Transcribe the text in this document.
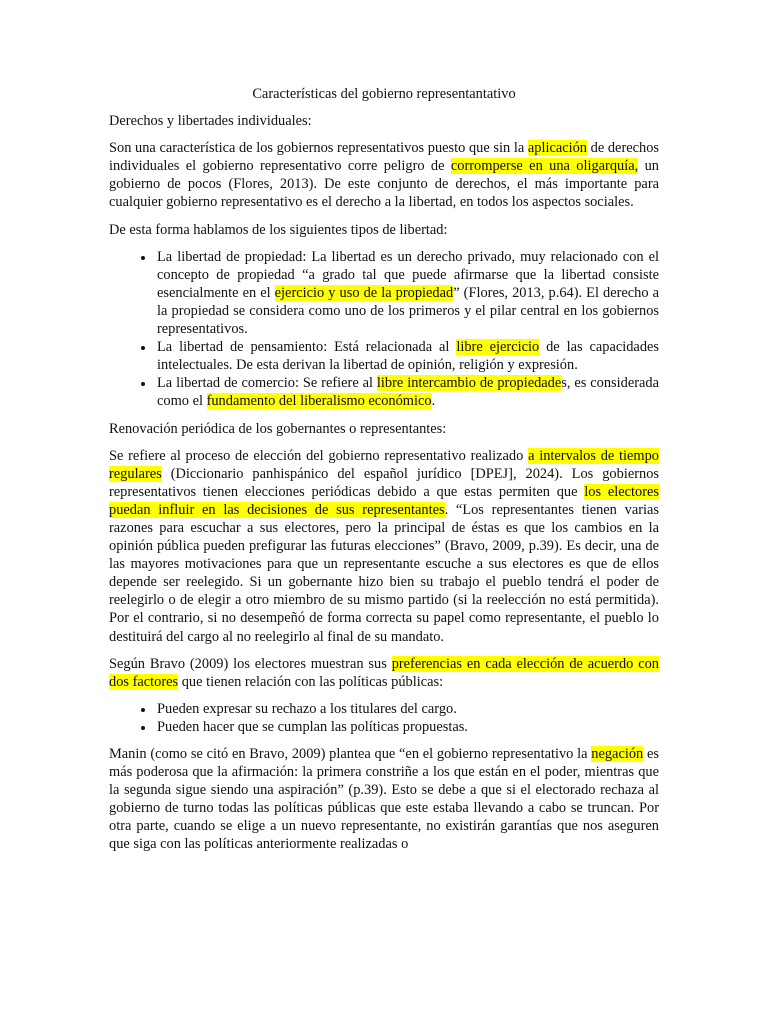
Características del gobierno representantativo

Derechos y libertades individuales:

Son una característica de los gobiernos representativos puesto que sin la aplicación de derechos individuales el gobierno representativo corre peligro de corromperse en una oligarquía, un gobierno de pocos (Flores, 2013). De este conjunto de derechos, el más importante para cualquier gobierno representativo es el derecho a la libertad, en todos los aspectos sociales.

De esta forma hablamos de los siguientes tipos de libertad:

• La libertad de propiedad: La libertad es un derecho privado, muy relacionado con el concepto de propiedad “a grado tal que puede afirmarse que la libertad consiste esencialmente en el ejercicio y uso de la propiedad” (Flores, 2013, p.64). El derecho a la propiedad se considera como uno de los primeros y el pilar central en los gobiernos representativos.
• La libertad de pensamiento: Está relacionada al libre ejercicio de las capacidades intelectuales. De esta derivan la libertad de opinión, religión y expresión.
• La libertad de comercio: Se refiere al libre intercambio de propiedades, es considerada como el fundamento del liberalismo económico.

Renovación periódica de los gobernantes o representantes:

Se refiere al proceso de elección del gobierno representativo realizado a intervalos de tiempo regulares (Diccionario panhispánico del español jurídico [DPEJ], 2024). Los gobiernos representativos tienen elecciones periódicas debido a que estas permiten que los electores puedan influir en las decisiones de sus representantes. “Los representantes tienen varias razones para escuchar a sus electores, pero la principal de éstas es que los cambios en la opinión pública pueden prefigurar las futuras elecciones” (Bravo, 2009, p.39). Es decir, una de las mayores motivaciones para que un representante escuche a sus electores es que de ellos depende ser reelegido. Si un gobernante hizo bien su trabajo el pueblo tendrá el poder de reelegirlo o de elegir a otro miembro de su mismo partido (si la reelección no está permitida). Por el contrario, si no desempeñó de forma correcta su papel como representante, el pueblo lo destituirá del cargo al no reelegirlo al final de su mandato.

Según Bravo (2009) los electores muestran sus preferencias en cada elección de acuerdo con dos factores que tienen relación con las políticas públicas:

• Pueden expresar su rechazo a los titulares del cargo.
• Pueden hacer que se cumplan las políticas propuestas.

Manin (como se citó en Bravo, 2009) plantea que “en el gobierno representativo la negación es más poderosa que la afirmación: la primera constriñe a los que están en el poder, mientras que la segunda sigue siendo una aspiración” (p.39). Esto se debe a que si el electorado rechaza al gobierno de turno todas las políticas públicas que este estaba llevando a cabo se truncan. Por otra parte, cuando se elige a un nuevo representante, no existirán garantías que nos aseguren que siga con las políticas anteriormente realizadas o
